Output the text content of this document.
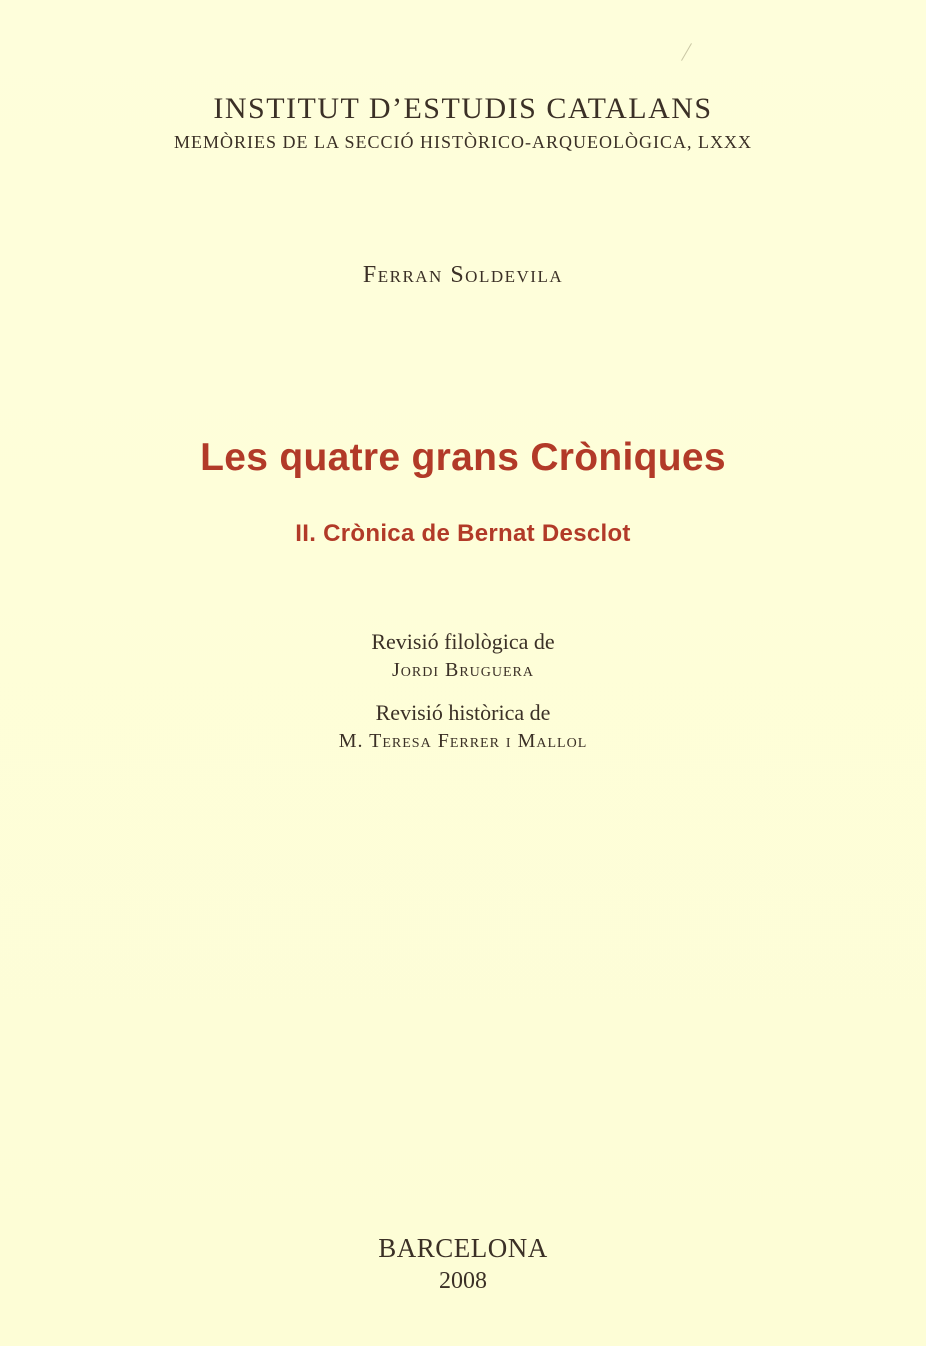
INSTITUT D’ESTUDIS CATALANS
MEMÒRIES DE LA SECCIÓ HISTÒRICO-ARQUEOLÒGICA, LXXX
Ferran Soldevila
Les quatre grans Cròniques
II. Crònica de Bernat Desclot
Revisió filològica de
Jordi Bruguera
Revisió històrica de
M. Teresa Ferrer i Mallol
BARCELONA
2008
